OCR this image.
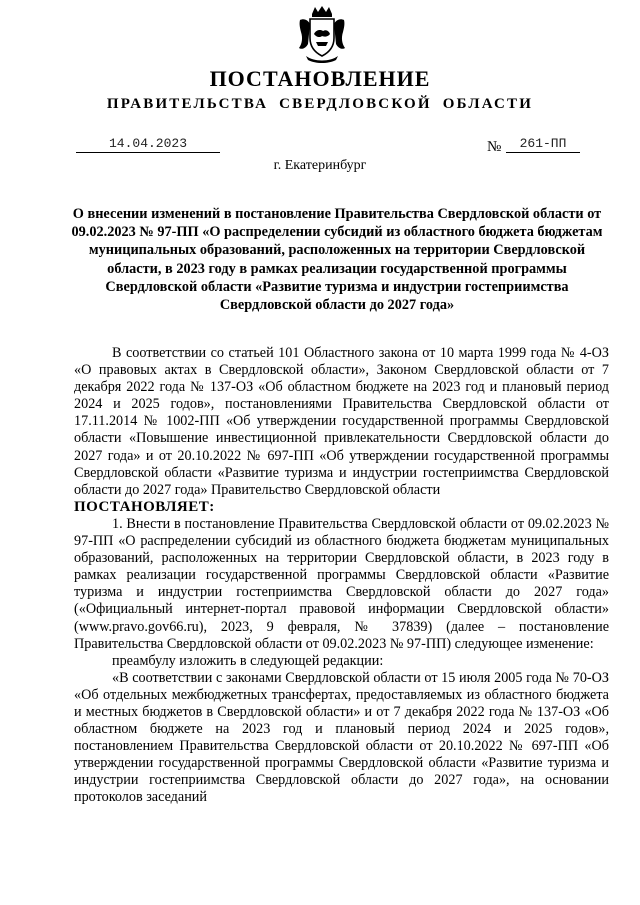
ПОСТАНОВЛЕНИЕ
ПРАВИТЕЛЬСТВА СВЕРДЛОВСКОЙ ОБЛАСТИ
14.04.2023	№	261-ПП
г. Екатеринбург

О внесении изменений в постановление Правительства Свердловской области от 09.02.2023 № 97-ПП «О распределении субсидий из областного бюджета бюджетам муниципальных образований, расположенных на территории Свердловской области, в 2023 году в рамках реализации государственной программы Свердловской области «Развитие туризма и индустрии гостеприимства Свердловской области до 2027 года»

В соответствии со статьей 101 Областного закона от 10 марта 1999 года № 4-ОЗ «О правовых актах в Свердловской области», Законом Свердловской области от 7 декабря 2022 года № 137-ОЗ «Об областном бюджете на 2023 год и плановый период 2024 и 2025 годов», постановлениями Правительства Свердловской области от 17.11.2014 № 1002-ПП «Об утверждении государственной программы Свердловской области «Повышение инвестиционной привлекательности Свердловской области до 2027 года» и от 20.10.2022 № 697-ПП «Об утверждении государственной программы Свердловской области «Развитие туризма и индустрии гостеприимства Свердловской области до 2027 года» Правительство Свердловской области

ПОСТАНОВЛЯЕТ:

1. Внести в постановление Правительства Свердловской области от 09.02.2023 № 97-ПП «О распределении субсидий из областного бюджета бюджетам муниципальных образований, расположенных на территории Свердловской области, в 2023 году в рамках реализации государственной программы Свердловской области «Развитие туризма и индустрии гостеприимства Свердловской области до 2027 года» («Официальный интернет-портал правовой информации Свердловской области» (www.pravo.gov66.ru), 2023, 9 февраля, № 37839) (далее – постановление Правительства Свердловской области от 09.02.2023 № 97-ПП) следующее изменение:

преамбулу изложить в следующей редакции:

«В соответствии с законами Свердловской области от 15 июля 2005 года № 70-ОЗ «Об отдельных межбюджетных трансфертах, предоставляемых из областного бюджета и местных бюджетов в Свердловской области» и от 7 декабря 2022 года № 137-ОЗ «Об областном бюджете на 2023 год и плановый период 2024 и 2025 годов», постановлением Правительства Свердловской области от 20.10.2022 № 697-ПП «Об утверждении государственной программы Свердловской области «Развитие туризма и индустрии гостеприимства Свердловской области до 2027 года», на основании протоколов заседаний
